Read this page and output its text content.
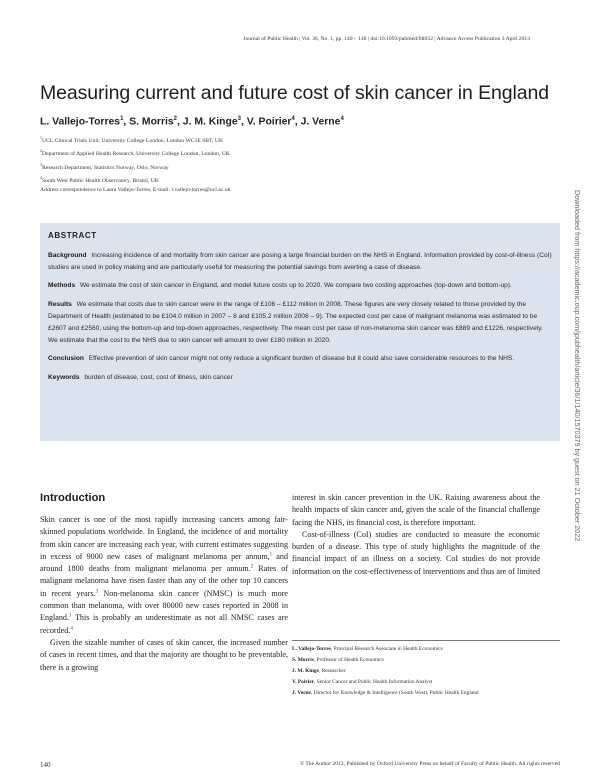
Journal of Public Health | Vol. 36, No. 1, pp. 140 – 148 | doi:10.1093/pubmed/fdt032 | Advance Access Publication 3 April 2013
Measuring current and future cost of skin cancer in England
L. Vallejo-Torres$^1$, S. Morris$^2$, J. M. Kinge$^3$, V. Poirier$^4$, J. Verne$^4$
$^1$UCL Clinical Trials Unit, University College London, London WC1E 6BT, UK
$^2$Department of Applied Health Research, University College London, London, UK
$^3$Research Department, Statistics Norway, Oslo, Norway
$^4$South West Public Health Observatory, Bristol, UK
Address correspondence to Laura Vallejo-Torres, E-mail: l.vallejo-torres@ucl.ac.uk
ABSTRACT

Background Increasing incidence of and mortality from skin cancer are posing a large financial burden on the NHS in England. Information provided by cost-of-illness (CoI) studies are used in policy making and are particularly useful for measuring the potential savings from averting a case of disease.

Methods We estimate the cost of skin cancer in England, and model future costs up to 2020. We compare two costing approaches (top-down and bottom-up).

Results We estimate that costs due to skin cancer were in the range of £106 – £112 million in 2008. These figures are very closely related to those provided by the Department of Health (estimated to be £104.0 million in 2007 – 8 and £105.2 million 2008 – 9). The expected cost per case of malignant melanoma was estimated to be £2607 and £2560, using the bottom-up and top-down approaches, respectively. The mean cost per case of non-melanoma skin cancer was £889 and £1226, respectively. We estimate that the cost to the NHS due to skin cancer will amount to over £180 million in 2020.

Conclusion Effective prevention of skin cancer might not only reduce a significant burden of disease but it could also save considerable resources to the NHS.

Keywords burden of disease, cost, cost of illness, skin cancer

Introduction

Skin cancer is one of the most rapidly increasing cancers among fair-skinned populations worldwide. In England, the incidence of and mortality from skin cancer are increasing each year, with current estimates suggesting in excess of 9000 new cases of malignant melanoma per annum,$^1$ and around 1800 deaths from malignant melanoma per annum.$^2$ Rates of malignant melanoma have risen faster than any of the other top 10 cancers in recent years.$^3$ Non-melanoma skin cancer (NMSC) is much more common than melanoma, with over 80000 new cases reported in 2008 in England.$^1$ This is probably an underestimate as not all NMSC cases are recorded.$^4$

Given the sizable number of cases of skin cancer, the increased number of cases in recent times, and that the majority are thought to be preventable, there is a growing

interest in skin cancer prevention in the UK. Raising awareness about the health impacts of skin cancer and, given the scale of the financial challenge facing the NHS, its financial cost, is therefore important.

Cost-of-illness (CoI) studies are conducted to measure the economic burden of a disease. This type of study highlights the magnitude of the financial impact of an illness on a society. CoI studies do not provide information on the cost-effectiveness of interventions and thus are of limited

L. Vallejo-Torres, Principal Research Associate in Health Economics
S. Morris, Professor of Health Economics
J. M. Kinge, Researcher
V. Poirier, Senior Cancer and Public Health Information Analyst
J. Verne, Director for Knowledge & Intelligence (South West), Public Health England
140	© The Author 2013, Published by Oxford University Press on behalf of Faculty of Public Health. All rights reserved
Downloaded from https://academic.oup.com/jpubhealth/article/36/1/140/1570379 by guest on 21 October 2022
